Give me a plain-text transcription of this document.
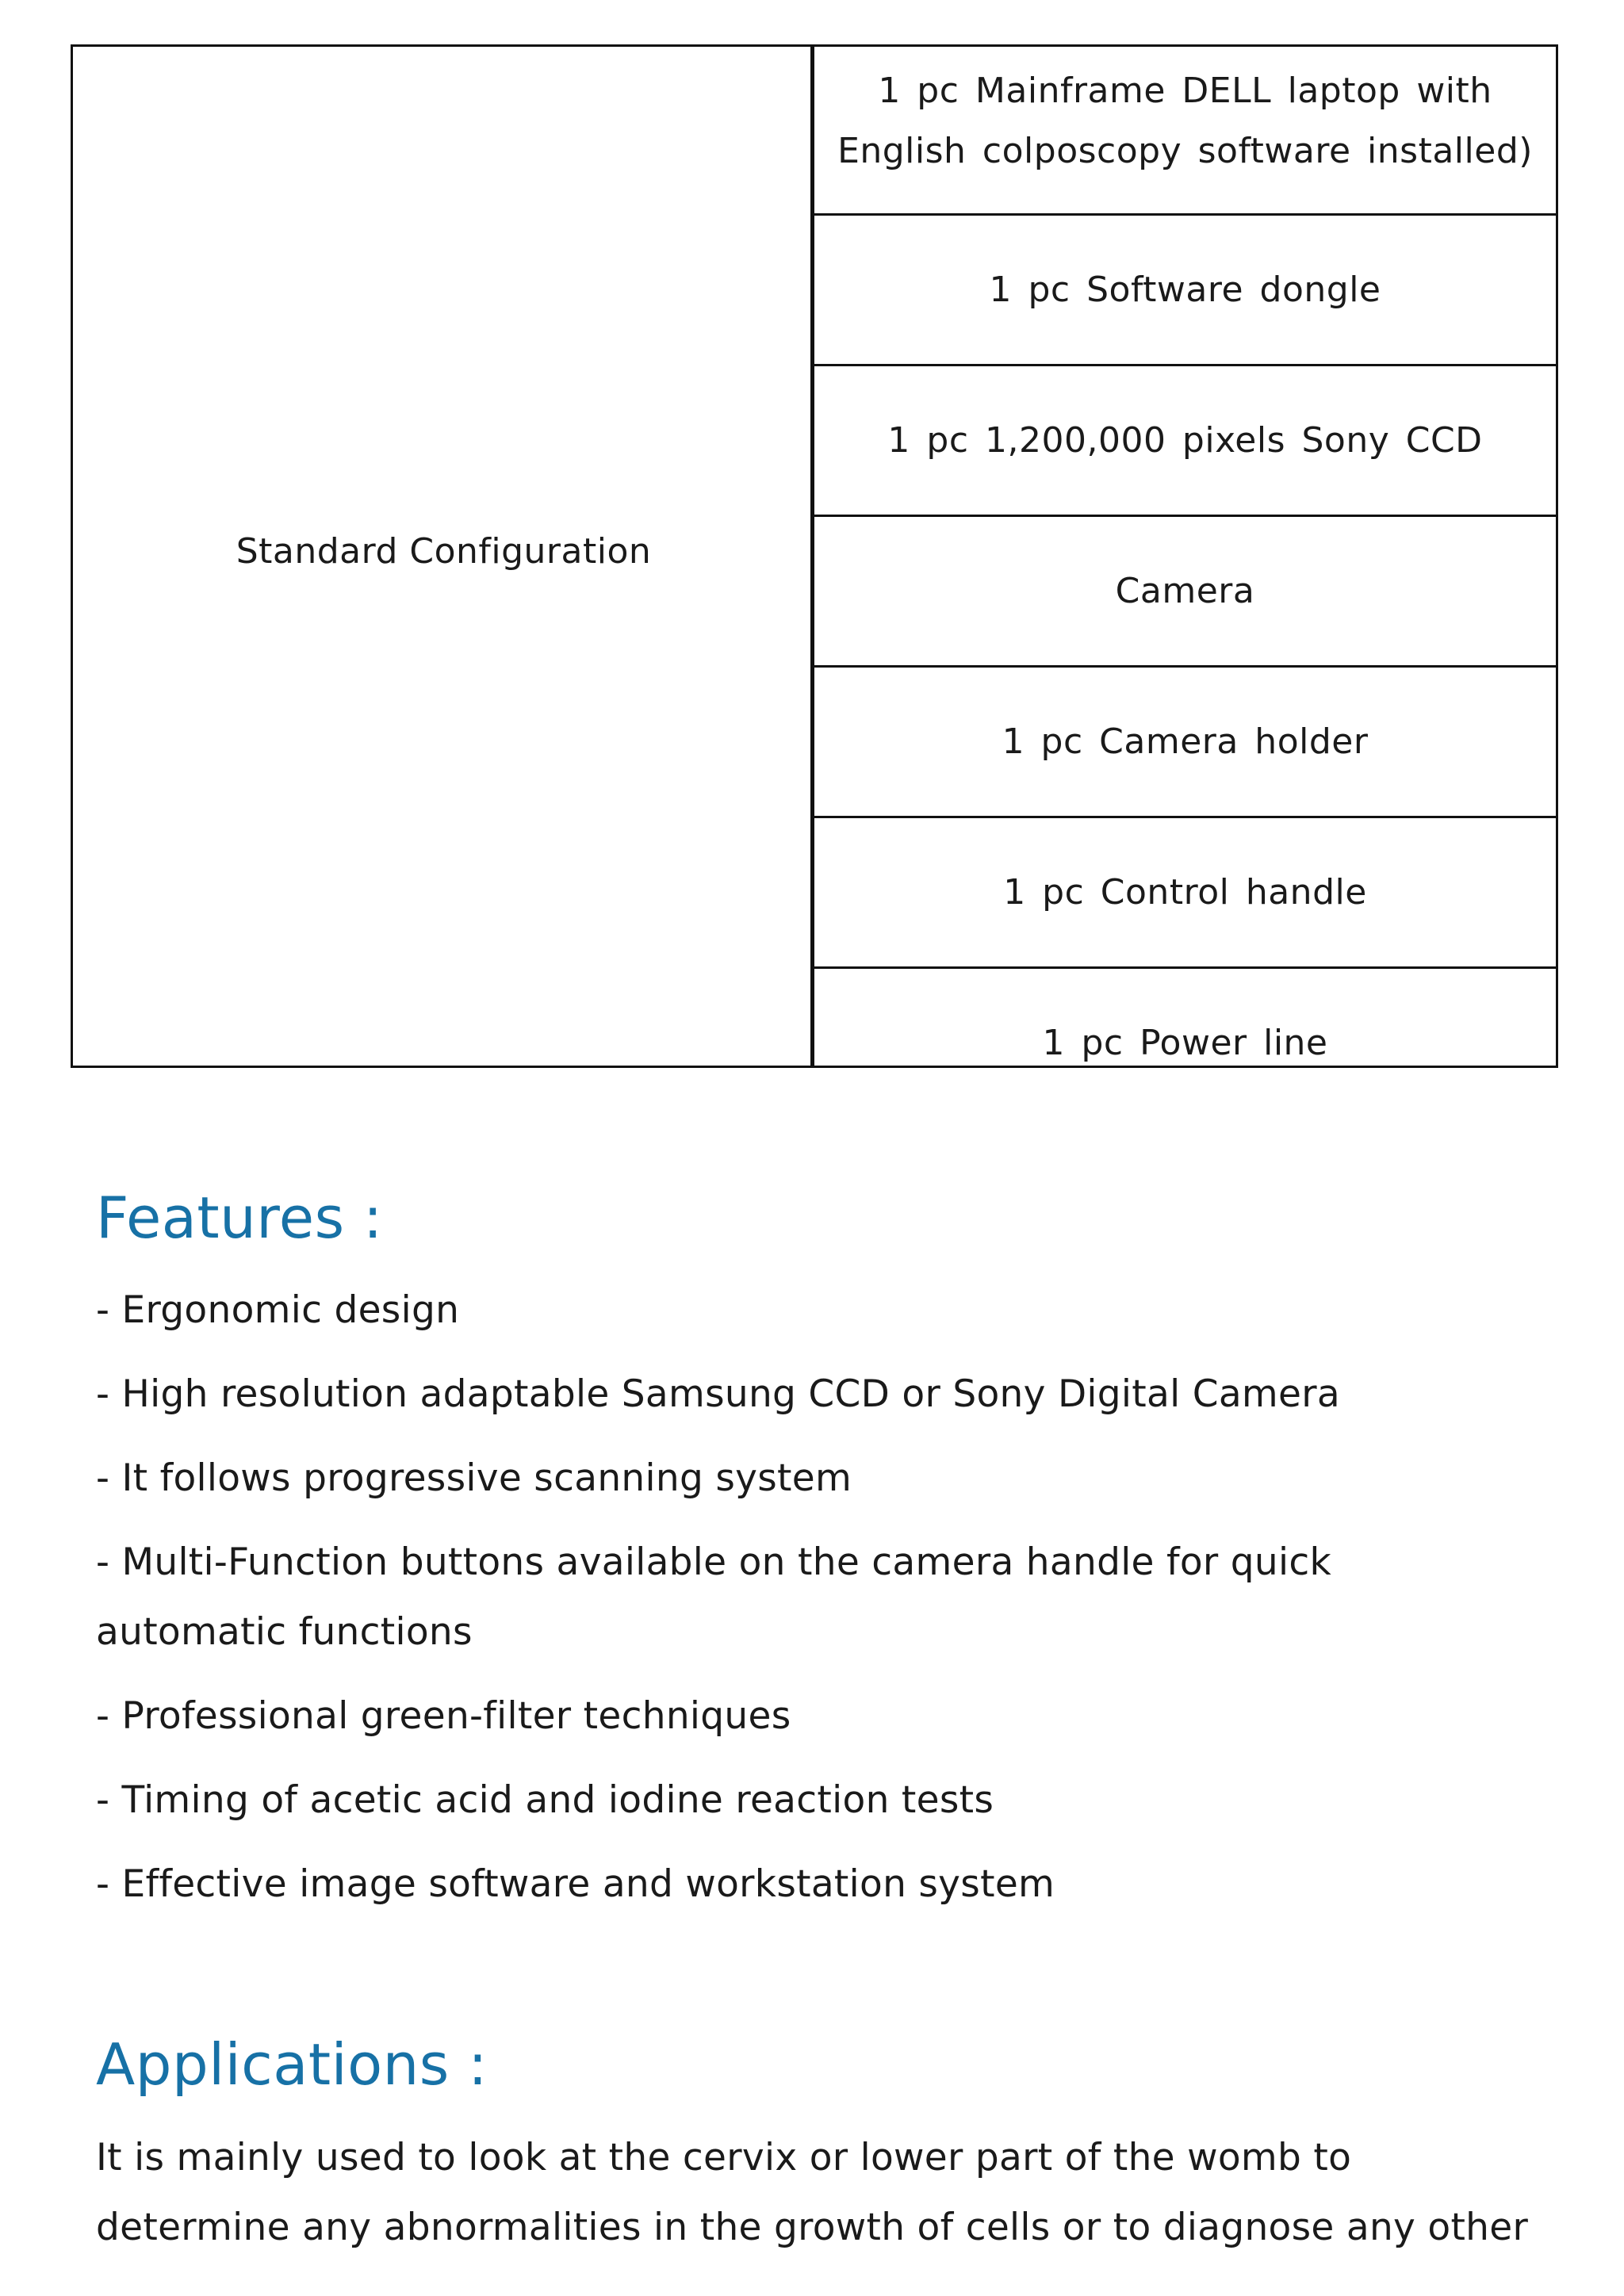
Standard Configuration
1 pc Mainframe DELL laptop with
English colposcopy software installed)
1 pc Software dongle
1 pc 1,200,000 pixels Sony CCD
Camera
1 pc Camera holder
1 pc Control handle
1 pc Power line
Features :
- Ergonomic design
- High resolution adaptable Samsung CCD or Sony Digital Camera
- It follows progressive scanning system
- Multi-Function buttons available on the camera handle for quick
automatic functions
- Professional green-filter techniques
- Timing of acetic acid and iodine reaction tests
- Effective image software and workstation system
Applications :
It is mainly used to look at the cervix or lower part of the womb to
determine any abnormalities in the growth of cells or to diagnose any other
